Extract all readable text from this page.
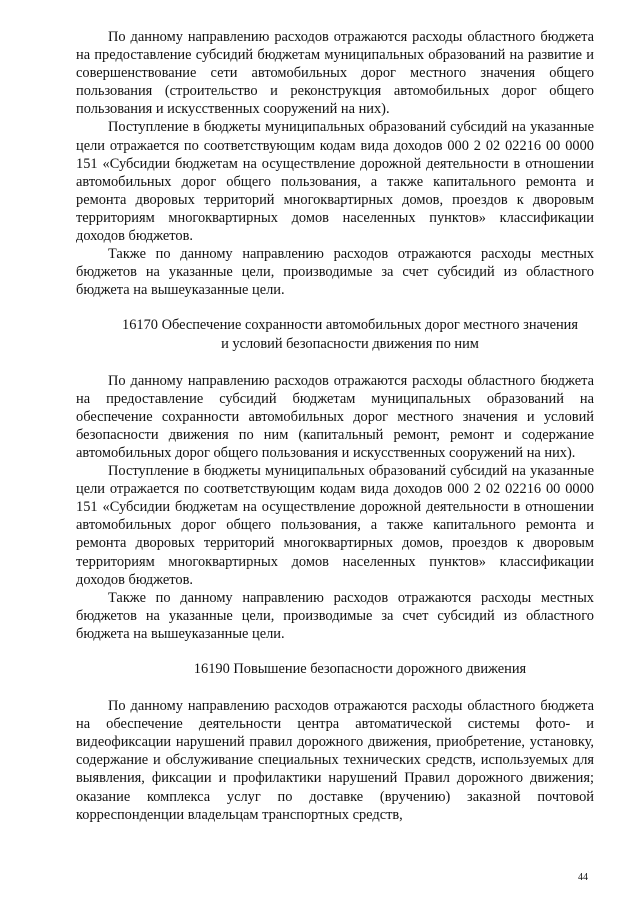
По данному направлению расходов отражаются расходы областного бюджета на предоставление субсидий бюджетам муниципальных образований на развитие и совершенствование сети автомобильных дорог местного значения общего пользования (строительство и реконструкция автомобильных дорог общего пользования и искусственных сооружений на них).

Поступление в бюджеты муниципальных образований субсидий на указанные цели отражается по соответствующим кодам вида доходов 000 2 02 02216 00 0000 151 «Субсидии бюджетам на осуществление дорожной деятельности в отношении автомобильных дорог общего пользования, а также капитального ремонта и ремонта дворовых территорий многоквартирных домов, проездов к дворовым территориям многоквартирных домов населенных пунктов» классификации доходов бюджетов.

Также по данному направлению расходов отражаются расходы местных бюджетов на указанные цели, производимые за счет субсидий из областного бюджета на вышеуказанные цели.

16170 Обеспечение сохранности автомобильных дорог местного значения
и условий безопасности движения по ним

По данному направлению расходов отражаются расходы областного бюджета на предоставление субсидий бюджетам муниципальных образований на обеспечение сохранности автомобильных дорог местного значения и условий безопасности движения по ним (капитальный ремонт, ремонт и содержание автомобильных дорог общего пользования и искусственных сооружений на них).

Поступление в бюджеты муниципальных образований субсидий на указанные цели отражается по соответствующим кодам вида доходов 000 2 02 02216 00 0000 151 «Субсидии бюджетам на осуществление дорожной деятельности в отношении автомобильных дорог общего пользования, а также капитального ремонта и ремонта дворовых территорий многоквартирных домов, проездов к дворовым территориям многоквартирных домов населенных пунктов» классификации доходов бюджетов.

Также по данному направлению расходов отражаются расходы местных бюджетов на указанные цели, производимые за счет субсидий из областного бюджета на вышеуказанные цели.

16190 Повышение безопасности дорожного движения

По данному направлению расходов отражаются расходы областного бюджета на обеспечение деятельности центра автоматической системы фото- и видеофиксации нарушений правил дорожного движения, приобретение, установку, содержание и обслуживание специальных технических средств, используемых для выявления, фиксации и профилактики нарушений Правил дорожного движения; оказание комплекса услуг по доставке (вручению) заказной почтовой корреспонденции владельцам транспортных средств,

44
